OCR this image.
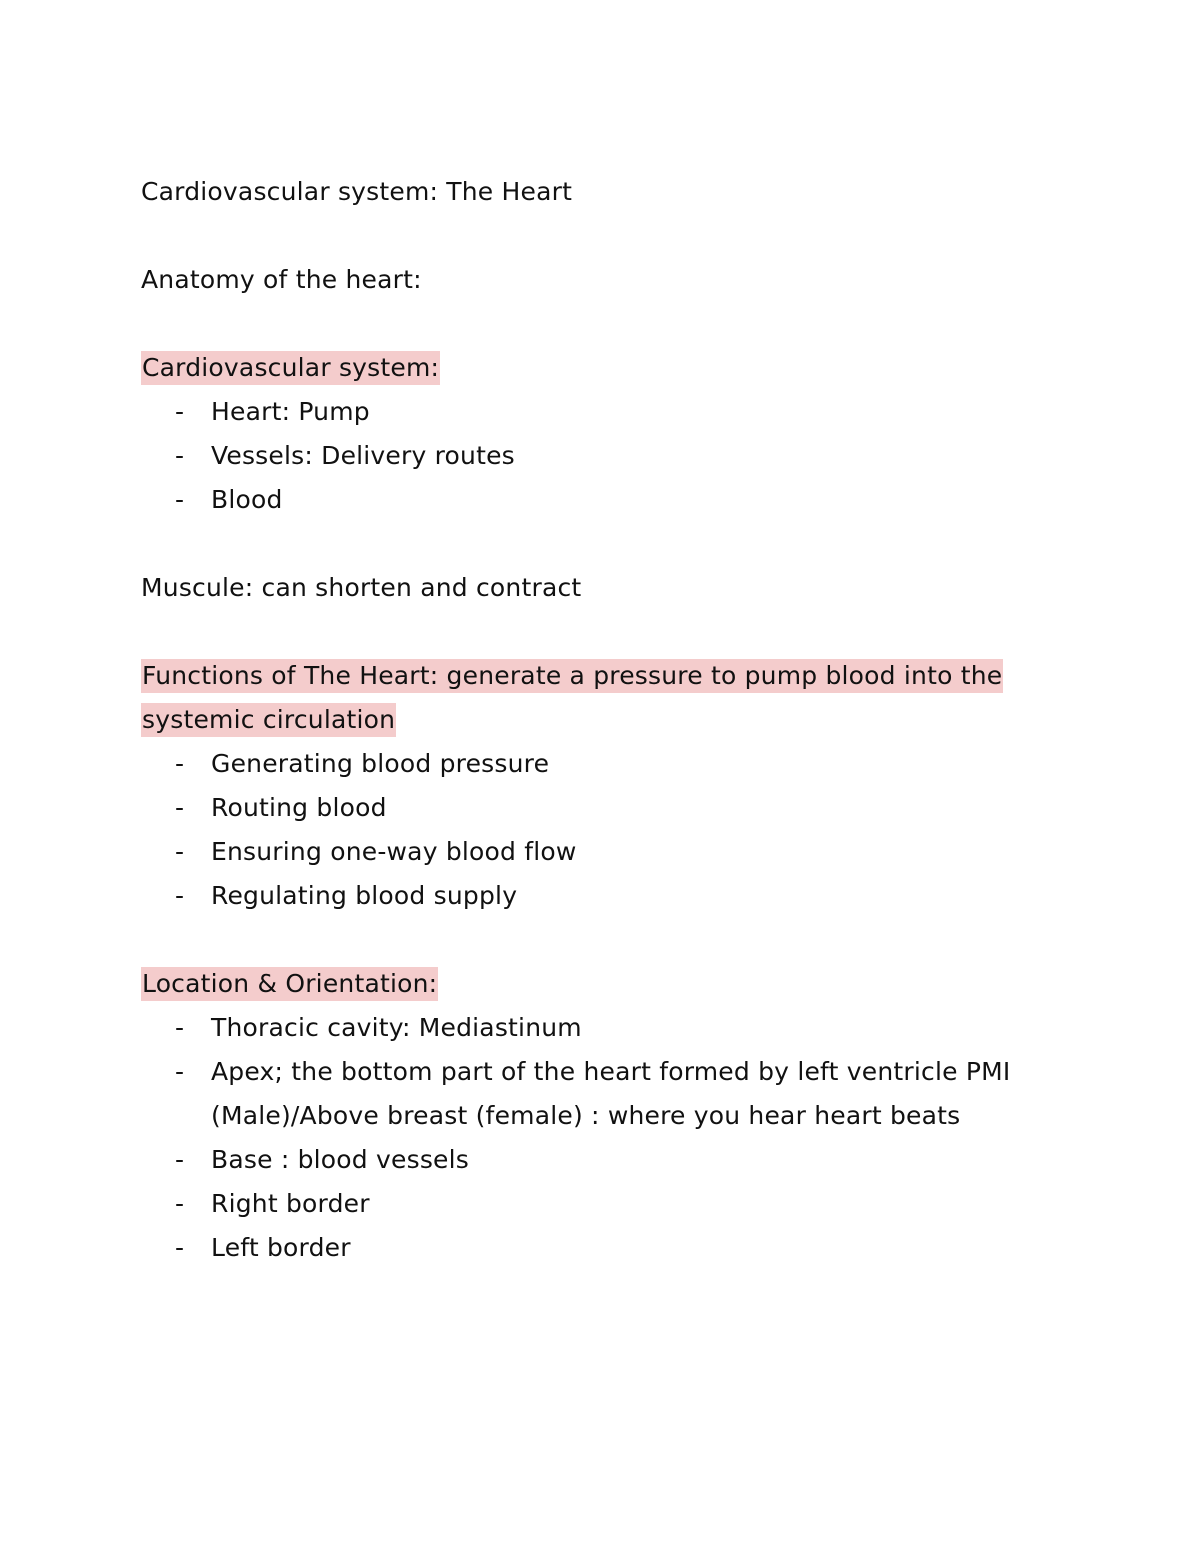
Cardiovascular system: The Heart
Anatomy of the heart:
Cardiovascular system:
- Heart: Pump
- Vessels: Delivery routes
- Blood
Muscule: can shorten and contract
Functions of The Heart: generate a pressure to pump blood into the
systemic circulation
- Generating blood pressure
- Routing blood
- Ensuring one-way blood flow
- Regulating blood supply
Location & Orientation:
- Thoracic cavity: Mediastinum
- Apex; the bottom part of the heart formed by left ventricle PMI
(Male)/Above breast (female) : where you hear heart beats
- Base : blood vessels
- Right border
- Left border
